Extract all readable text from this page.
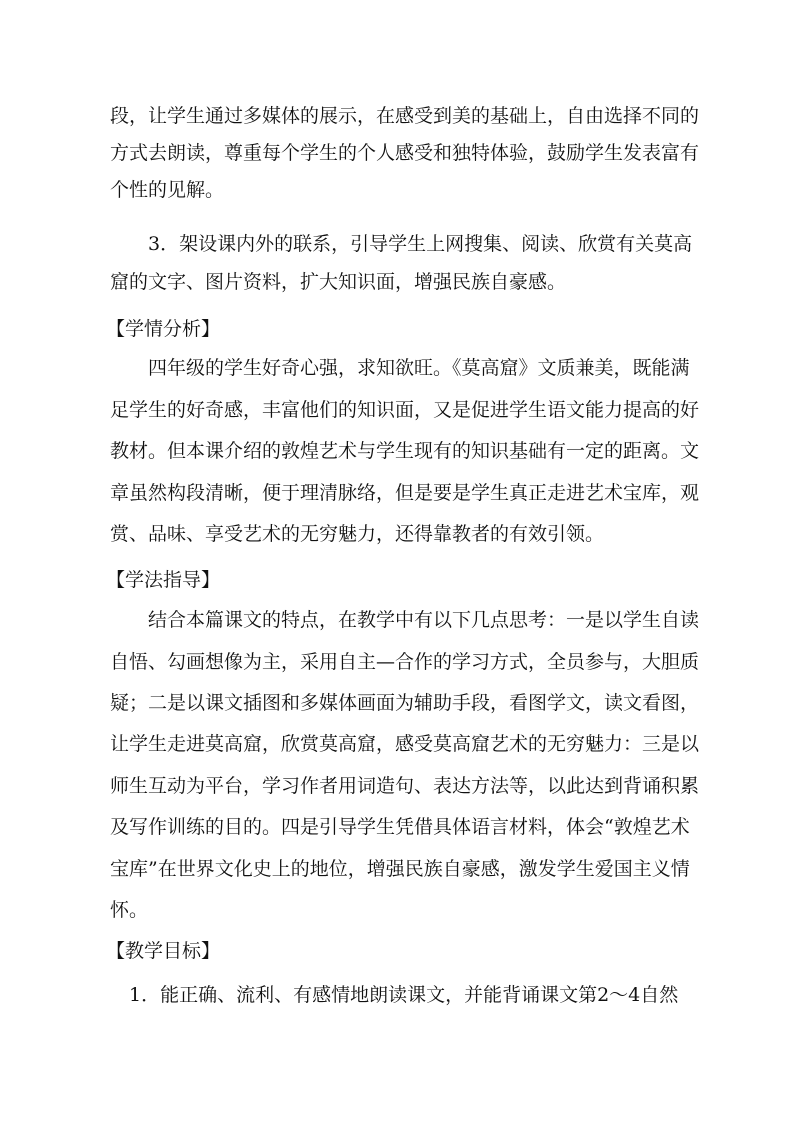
段，让学生通过多媒体的展示，在感受到美的基础上，自由选择不同的
方式去朗读，尊重每个学生的个人感受和独特体验，鼓励学生发表富有
个性的见解。
　　3．架设课内外的联系，引导学生上网搜集、阅读、欣赏有关莫高
窟的文字、图片资料，扩大知识面，增强民族自豪感。
【学情分析】
　　四年级的学生好奇心强，求知欲旺。《莫高窟》文质兼美，既能满
足学生的好奇感，丰富他们的知识面，又是促进学生语文能力提高的好
教材。但本课介绍的敦煌艺术与学生现有的知识基础有一定的距离。文
章虽然构段清晰，便于理清脉络，但是要是学生真正走进艺术宝库，观
赏、品味、享受艺术的无穷魅力，还得靠教者的有效引领。
【学法指导】
　　结合本篇课文的特点，在教学中有以下几点思考：一是以学生自读
自悟、勾画想像为主，采用自主—合作的学习方式，全员参与，大胆质
疑；二是以课文插图和多媒体画面为辅助手段，看图学文，读文看图，
让学生走进莫高窟，欣赏莫高窟，感受莫高窟艺术的无穷魅力：三是以
师生互动为平台，学习作者用词造句、表达方法等，以此达到背诵积累
及写作训练的目的。四是引导学生凭借具体语言材料，体会“敦煌艺术
宝库”在世界文化史上的地位，增强民族自豪感，激发学生爱国主义情
怀。
【教学目标】
　1．能正确、流利、有感情地朗读课文，并能背诵课文第2～4自然
